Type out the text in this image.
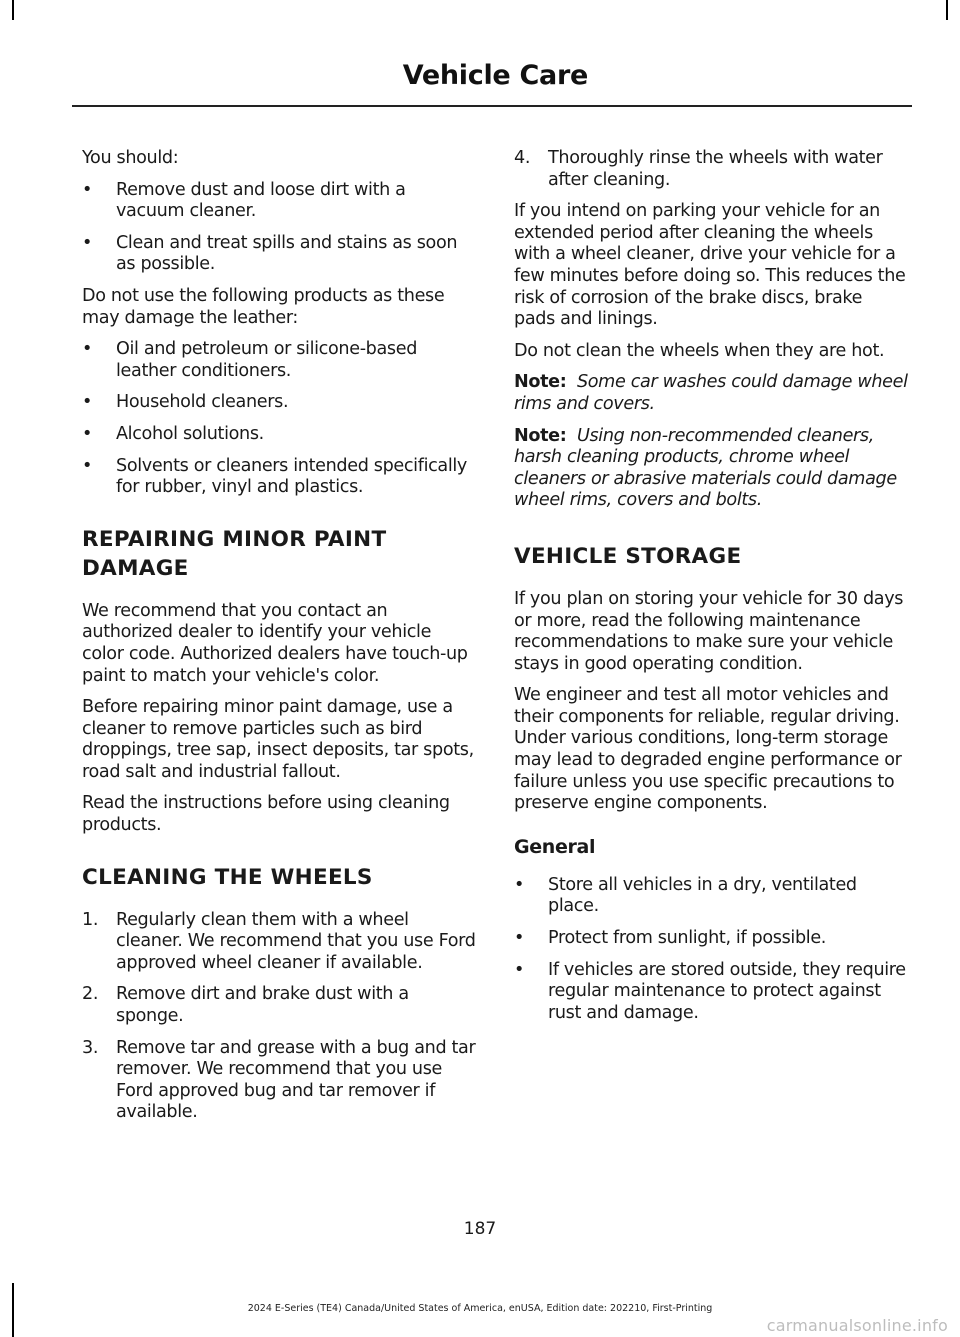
Vehicle Care

You should:

• Remove dust and loose dirt with a vacuum cleaner.
• Clean and treat spills and stains as soon as possible.

Do not use the following products as these may damage the leather:

• Oil and petroleum or silicone-based leather conditioners.
• Household cleaners.
• Alcohol solutions.
• Solvents or cleaners intended specifically for rubber, vinyl and plastics.
REPAIRING MINOR PAINT
DAMAGE

We recommend that you contact an authorized dealer to identify your vehicle color code. Authorized dealers have touch-up paint to match your vehicle's color.

Before repairing minor paint damage, use a cleaner to remove particles such as bird droppings, tree sap, insect deposits, tar spots, road salt and industrial fallout.

Read the instructions before using cleaning products.

CLEANING THE WHEELS
1. Regularly clean them with a wheel cleaner. We recommend that you use Ford approved wheel cleaner if available.
2. Remove dirt and brake dust with a sponge.
3. Remove tar and grease with a bug and tar remover. We recommend that you use Ford approved bug and tar remover if available.
4. Thoroughly rinse the wheels with water after cleaning.

If you intend on parking your vehicle for an extended period after cleaning the wheels with a wheel cleaner, drive your vehicle for a few minutes before doing so. This reduces the risk of corrosion of the brake discs, brake pads and linings.

Do not clean the wheels when they are hot.

Note: Some car washes could damage wheel rims and covers.

Note: Using non-recommended cleaners, harsh cleaning products, chrome wheel cleaners or abrasive materials could damage wheel rims, covers and bolts.

VEHICLE STORAGE

If you plan on storing your vehicle for 30 days or more, read the following maintenance recommendations to make sure your vehicle stays in good operating condition.

We engineer and test all motor vehicles and their components for reliable, regular driving. Under various conditions, long-term storage may lead to degraded engine performance or failure unless you use specific precautions to preserve engine components.

General
• Store all vehicles in a dry, ventilated place.
• Protect from sunlight, if possible.
• If vehicles are stored outside, they require regular maintenance to protect against rust and damage.
187
2024 E-Series (TE4) Canada/United States of America, enUSA, Edition date: 202210, First-Printing
carmanualsonline.info
